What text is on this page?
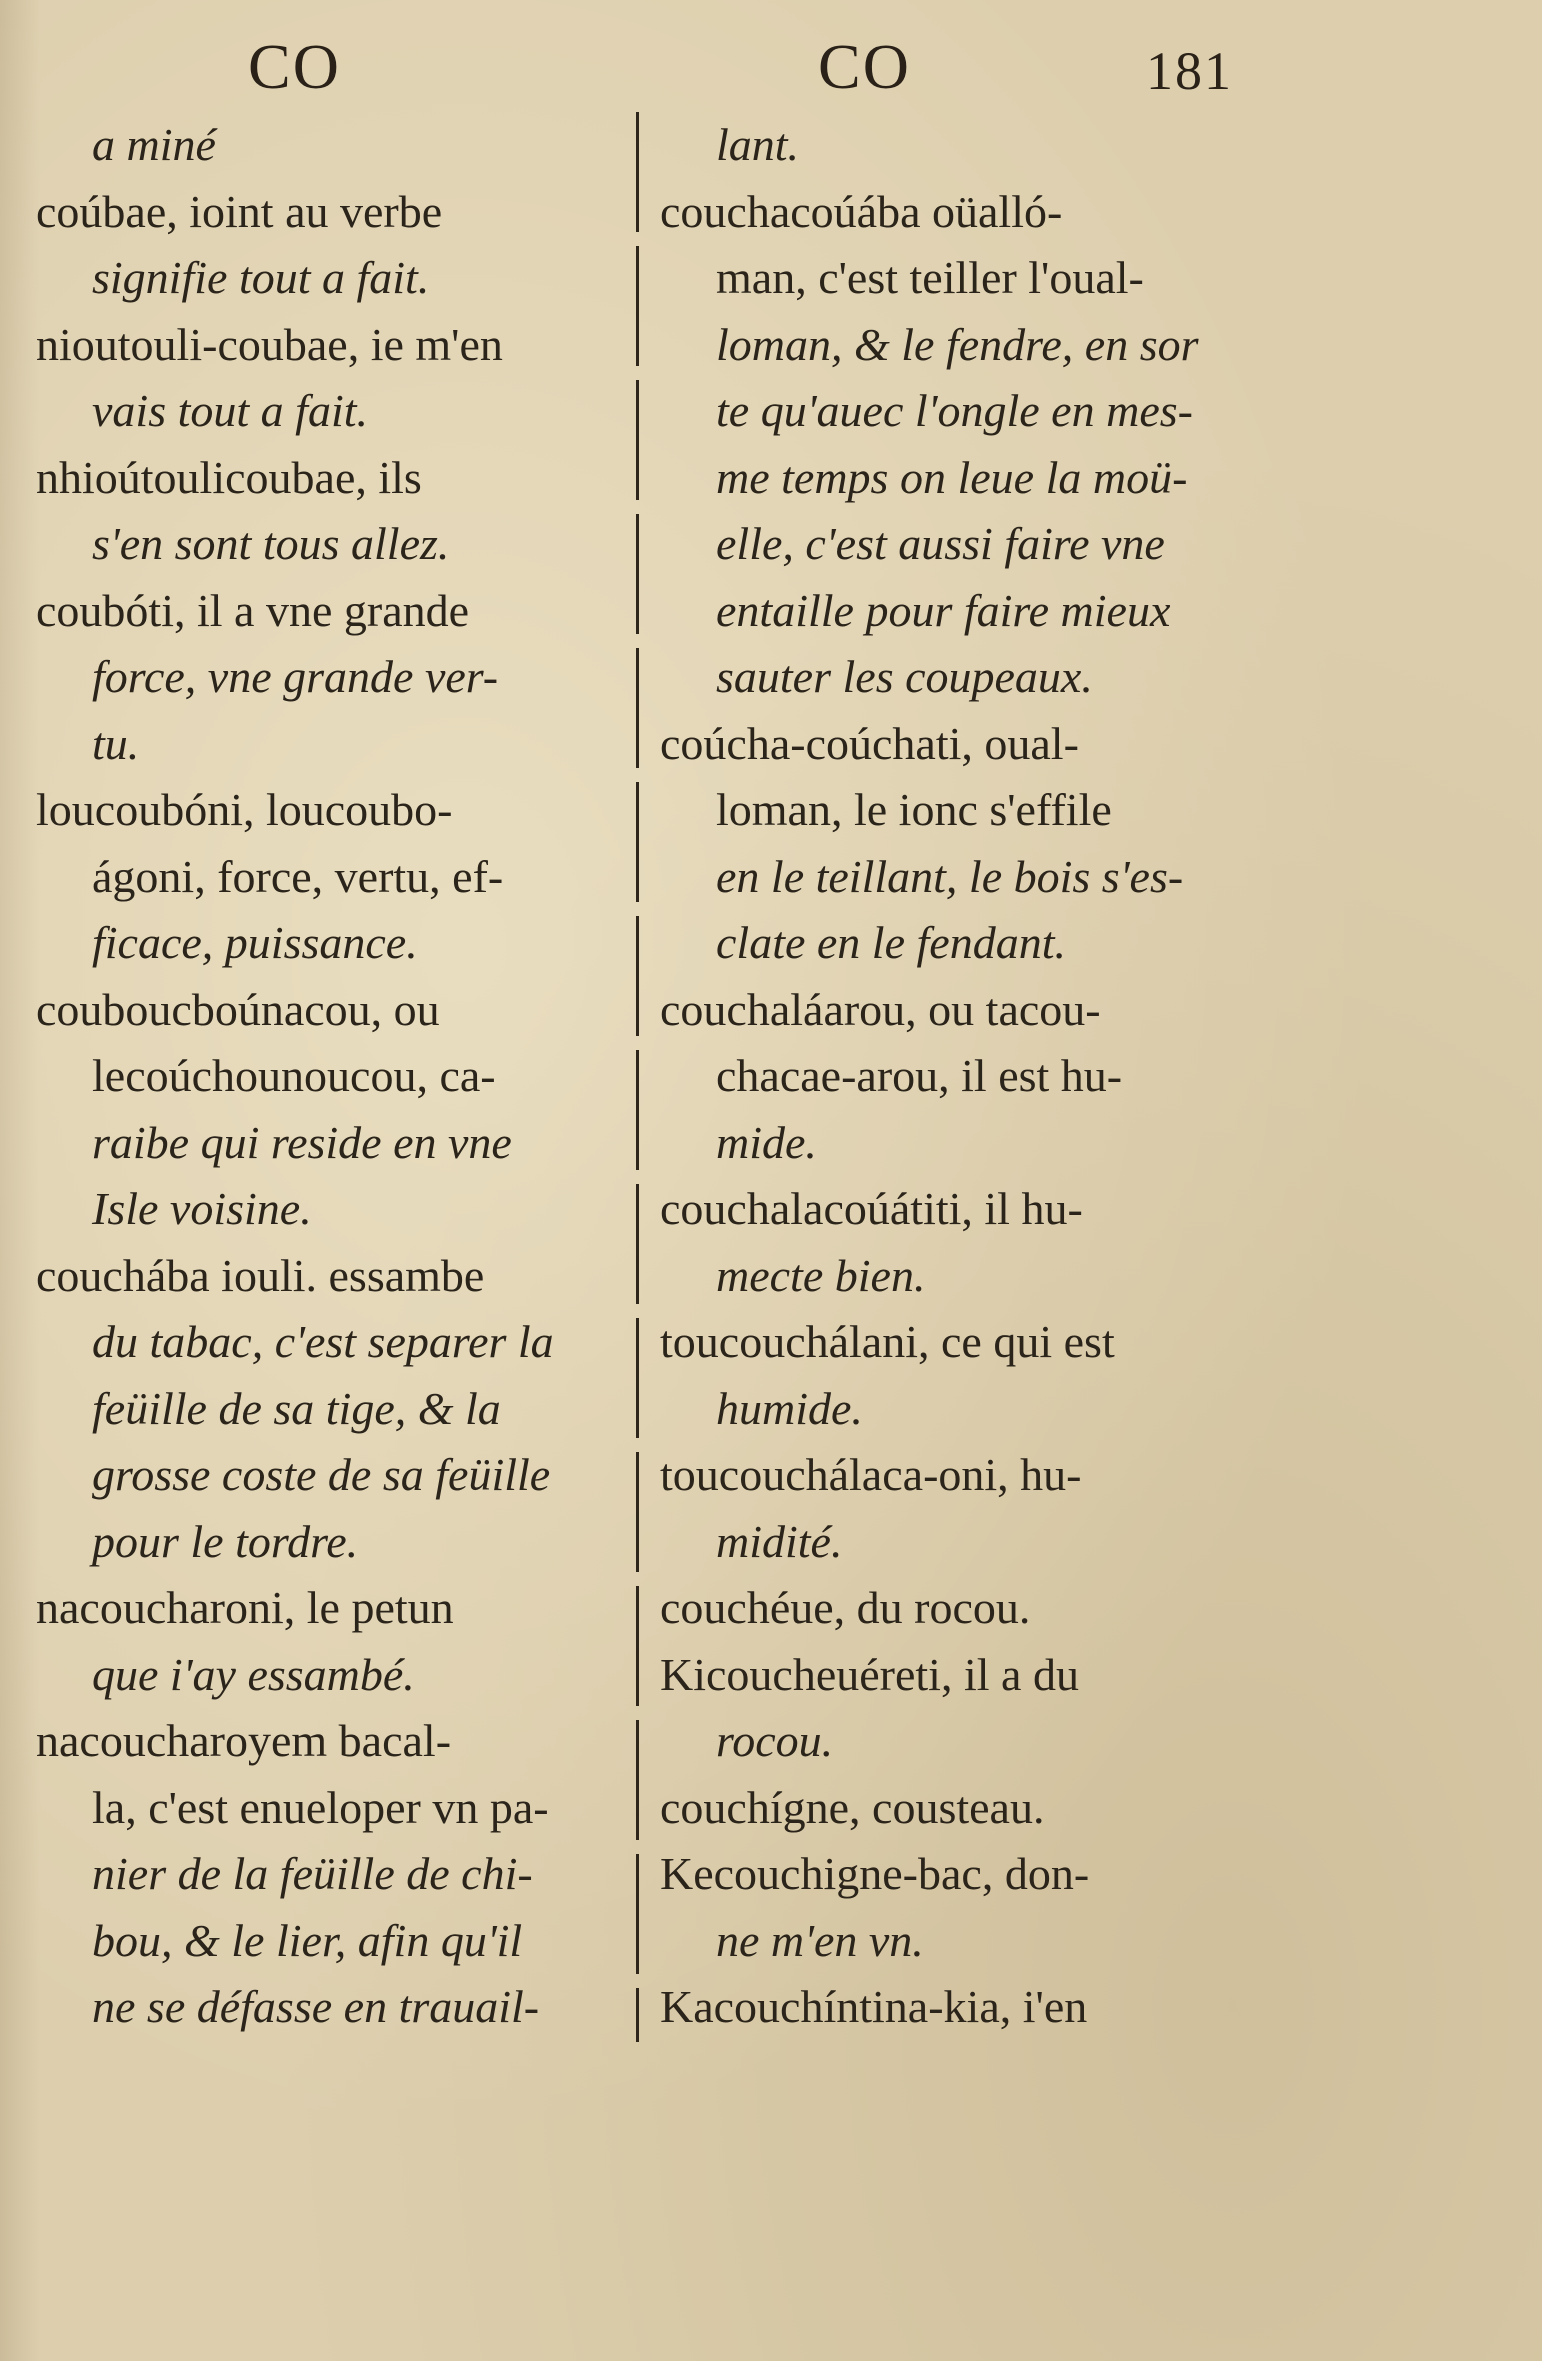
CO	CO	181
a miné
coúbae, ioint au verbe
signifie tout a fait.
nioutouli-coubae, ie m'en
vais tout a fait.
nhioútoulicoubae, ils
s'en sont tous allez.
coubóti, il a vne grande
force, vne grande ver-
tu.
loucoubóni, loucoubo-
ágoni, force, vertu, ef-
ficace, puissance.
couboucboúnacou, ou
lecoúchounoucou, ca-
raibe qui reside en vne
Isle voisine.
couchába iouli. essambe
du tabac, c'est separer la
feüille de sa tige, & la
grosse coste de sa feüille
pour le tordre.
nacoucharoni, le petun
que i'ay essambé.
nacoucharoyem bacal-
la, c'est enueloper vn pa-
nier de la feüille de chi-
bou, & le lier, afin qu'il
ne se défasse en trauail-
lant.
couchacoúába oüalló-
man, c'est teiller l'oual-
loman, & le fendre, en sor
te qu'auec l'ongle en mes-
me temps on leue la moü-
elle, c'est aussi faire vne
entaille pour faire mieux
sauter les coupeaux.
coúcha-coúchati, oual-
loman, le ionc s'effile
en le teillant, le bois s'es-
clate en le fendant.
couchaláarou, ou tacou-
chacae-arou, il est hu-
mide.
couchalacoúátiti, il hu-
mecte bien.
toucouchálani, ce qui est
humide.
toucouchálaca-oni, hu-
midité.
couchéue, du rocou.
Kicoucheuéreti, il a du
rocou.
couchígne, cousteau.
Kecouchigne-bac, don-
ne m'en vn.
Kacouchíntina-kia, i'en
